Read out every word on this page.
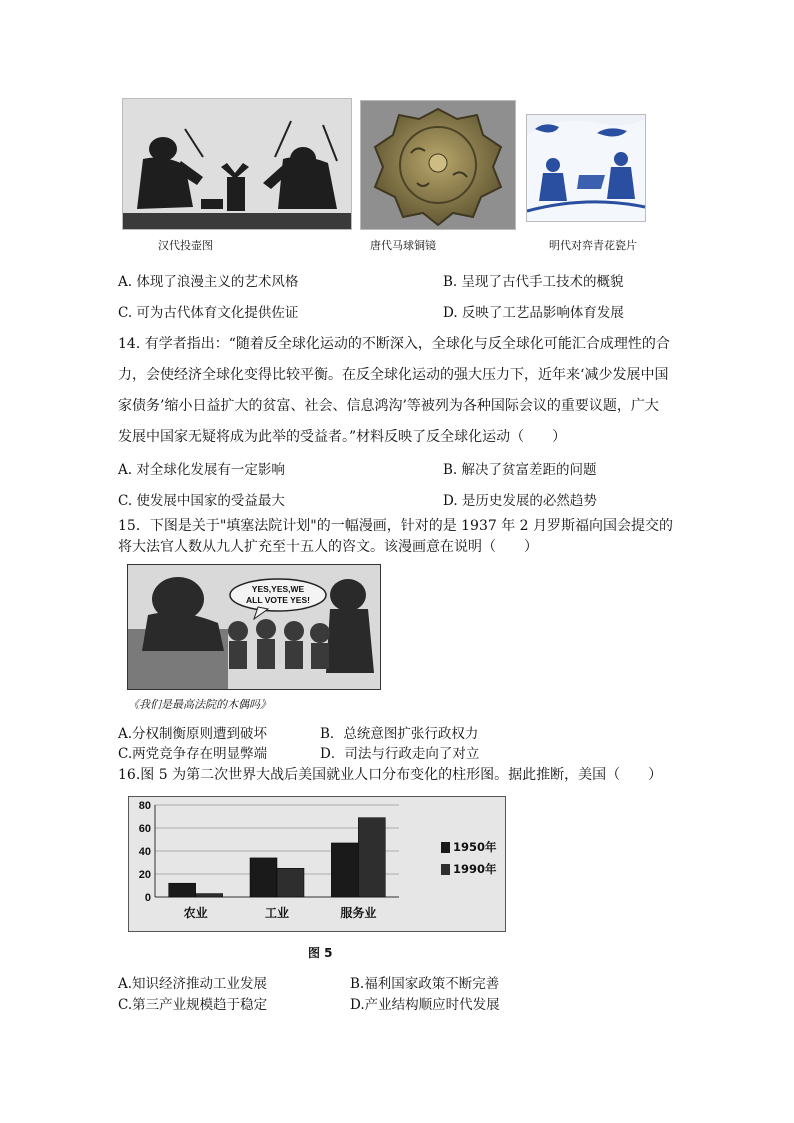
汉代投壶图	唐代马球铜镜	明代对弈青花瓷片
A. 体现了浪漫主义的艺术风格	B. 呈现了古代手工技术的概貌
C. 可为古代体育文化提供佐证	D. 反映了工艺品影响体育发展
14. 有学者指出：“随着反全球化运动的不断深入，全球化与反全球化可能汇合成理性的合
力，会使经济全球化变得比较平衡。在反全球化运动的强大压力下，近年来‘减少发展中国
家债务’缩小日益扩大的贫富、社会、信息鸿沟’等被列为各种国际会议的重要议题，广大
发展中国家无疑将成为此举的受益者。”材料反映了反全球化运动（　　）
A. 对全球化发展有一定影响	B. 解决了贫富差距的问题
C. 使发展中国家的受益最大	D. 是历史发展的必然趋势
15．下图是关于"填塞法院计划"的一幅漫画，针对的是 1937 年 2 月罗斯福向国会提交的
将大法官人数从九人扩充至十五人的咨文。该漫画意在说明（　　）
YES,YES,WE
ALL VOTE YES!
《我们是最高法院的木偶吗》
A.分权制衡原则遭到破坏	B．总统意图扩张行政权力
C.两党竞争存在明显弊端	D．司法与行政走向了对立
16.图 5 为第二次世界大战后美国就业人口分布变化的柱形图。据此推断，美国（　　）
0
20
40
60
80
农业	工业	服务业
1950年
1990年
图 5
A.知识经济推动工业发展	B.福利国家政策不断完善
C.第三产业规模趋于稳定	D.产业结构顺应时代发展
